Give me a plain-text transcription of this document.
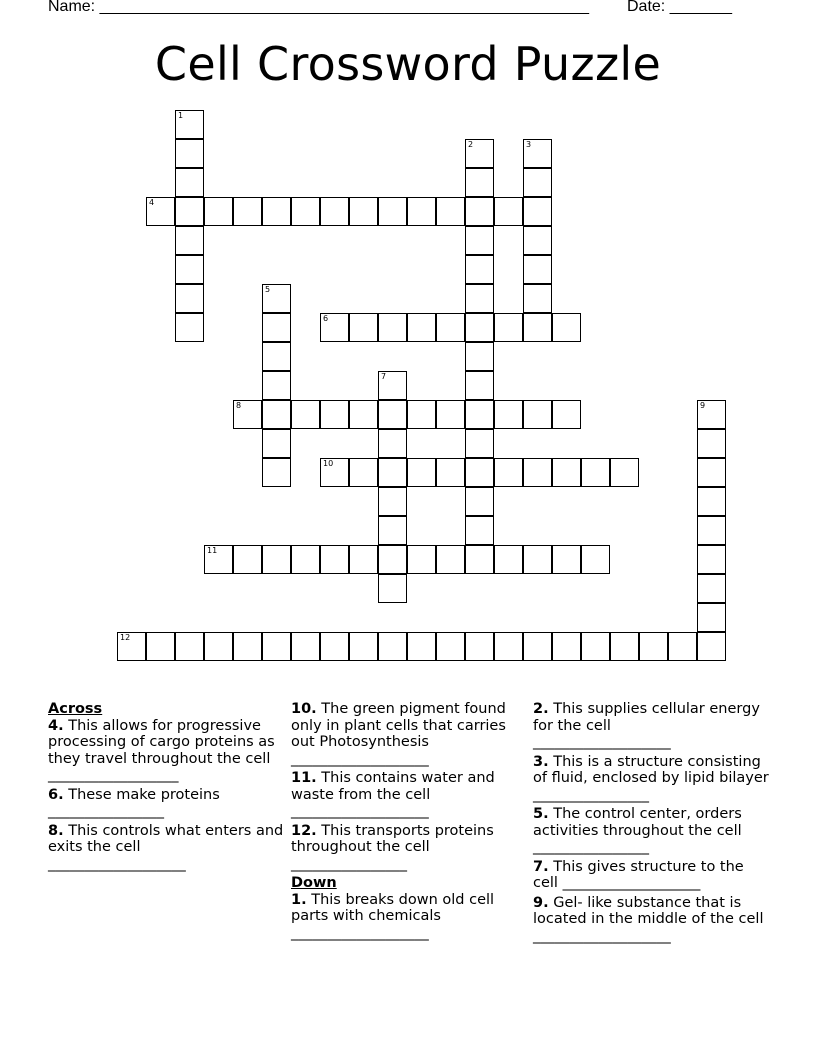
Name: _______________________________________________________ Date: _______
Cell Crossword Puzzle
1
2	3
4
5
6
7
8	9
10
11
12
Across
4. This allows for progressive processing of cargo proteins as they travel throughout the cell
__________________
6. These make proteins
________________
8. This controls what enters and exits the cell
___________________
10. The green pigment found only in plant cells that carries out Photosynthesis
___________________
11. This contains water and waste from the cell
___________________
12. This transports proteins throughout the cell
________________
Down
1. This breaks down old cell parts with chemicals
___________________
2. This supplies cellular energy for the cell
___________________
3. This is a structure consisting of fluid, enclosed by lipid bilayer ________________
5. The control center, orders activities throughout the cell
________________
7. This gives structure to the cell ___________________
9. Gel- like substance that is located in the middle of the cell ___________________
